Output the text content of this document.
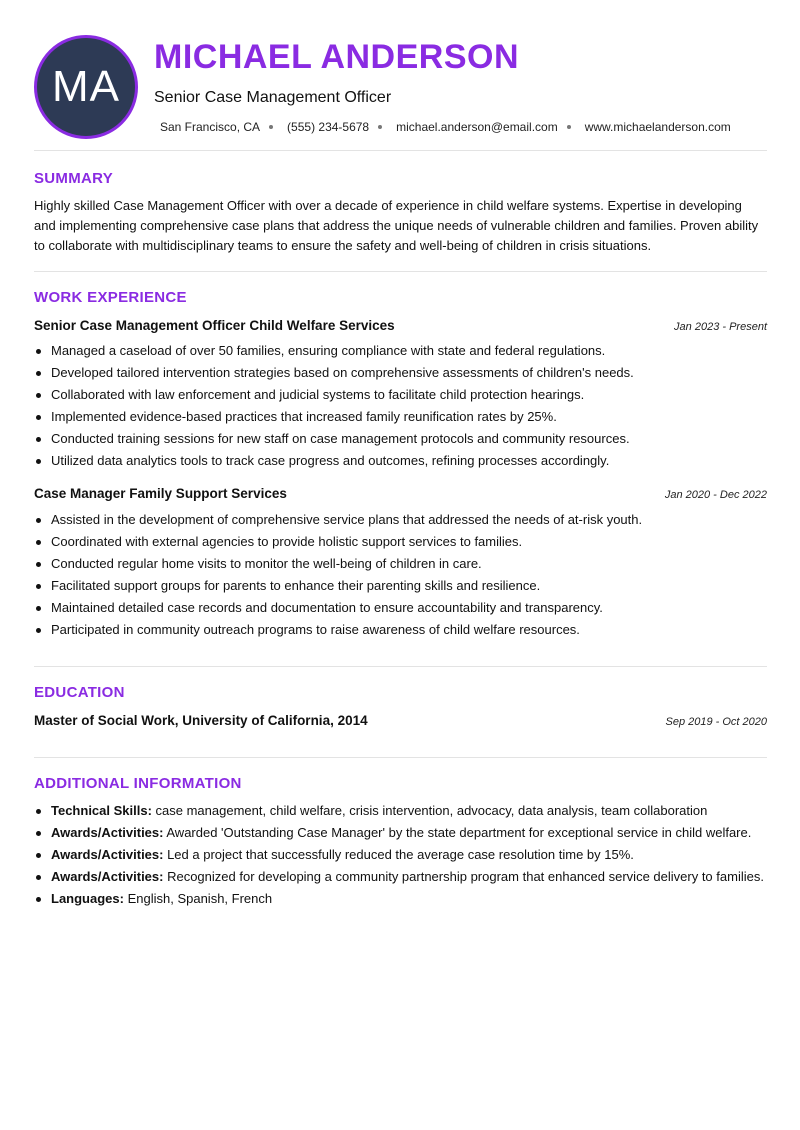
MA
MICHAEL ANDERSON
Senior Case Management Officer
San Francisco, CA (555) 234-5678 michael.anderson@email.com www.michaelanderson.com
SUMMARY

Highly skilled Case Management Officer with over a decade of experience in child welfare systems. Expertise in developing and implementing comprehensive case plans that address the unique needs of vulnerable children and families. Proven ability to collaborate with multidisciplinary teams to ensure the safety and well-being of children in crisis situations.

WORK EXPERIENCE
Senior Case Management Officer Child Welfare Services	Jan 2023 - Present
Managed a caseload of over 50 families, ensuring compliance with state and federal regulations.
Developed tailored intervention strategies based on comprehensive assessments of children's needs.
Collaborated with law enforcement and judicial systems to facilitate child protection hearings.
Implemented evidence-based practices that increased family reunification rates by 25%.
Conducted training sessions for new staff on case management protocols and community resources.
Utilized data analytics tools to track case progress and outcomes, refining processes accordingly.
Case Manager Family Support Services	Jan 2020 - Dec 2022
Assisted in the development of comprehensive service plans that addressed the needs of at-risk youth.
Coordinated with external agencies to provide holistic support services to families.
Conducted regular home visits to monitor the well-being of children in care.
Facilitated support groups for parents to enhance their parenting skills and resilience.
Maintained detailed case records and documentation to ensure accountability and transparency.
Participated in community outreach programs to raise awareness of child welfare resources.
EDUCATION
Master of Social Work, University of California, 2014	Sep 2019 - Oct 2020
ADDITIONAL INFORMATION
Technical Skills: case management, child welfare, crisis intervention, advocacy, data analysis, team collaboration
Awards/Activities: Awarded 'Outstanding Case Manager' by the state department for exceptional service in child welfare.
Awards/Activities: Led a project that successfully reduced the average case resolution time by 15%.
Awards/Activities: Recognized for developing a community partnership program that enhanced service delivery to families.
Languages: English, Spanish, French
